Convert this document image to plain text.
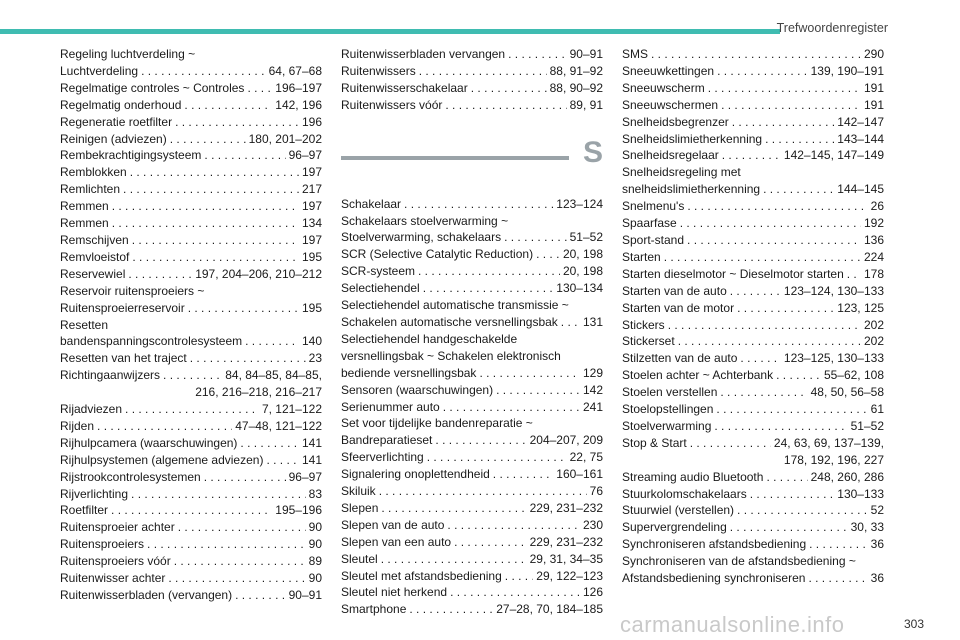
Trefwoordenregister
Regeling luchtverdeling ~
Luchtverdeling . . .	64, 67–68
Regelmatige controles ~ Controles . . .	196–197
Regelmatig onderhoud . . .	142, 196
Regeneratie roetfilter . . .	196
Reinigen (adviezen) . . .	180, 201–202
Rembekrachtigingsysteem . . .	96–97
Remblokken . . .	197
Remlichten . . .	217
Remmen . . .	197
Remmen . . .	134
Remschijven . . .	197
Remvloeistof . . .	195
Reservewiel . . .	197, 204–206, 210–212
Reservoir ruitensproeiers ~
Ruitensproeierreservoir . . .	195
Resetten
bandenspanningscontrolesysteem . . .	140
Resetten van het traject . . .	23
Richtingaanwijzers . . .	84, 84–85, 84–85,
216, 216–218, 216–217
Rijadviezen . . .	7, 121–122
Rijden . . .	47–48, 121–122
Rijhulpcamera (waarschuwingen) . . .	141
Rijhulpsystemen (algemene adviezen) . . .	141
Rijstrookcontrolesystemen . . .	96–97
Rijverlichting . . .	83
Roetfilter . . .	195–196
Ruitensproeier achter . . .	90
Ruitensproeiers . . .	90
Ruitensproeiers vóór . . .	89
Ruitenwisser achter . . .	90
Ruitenwisserbladen (vervangen) . . .	90–91
Ruitenwisserbladen vervangen . . .	90–91
Ruitenwissers . . .	88, 91–92
Ruitenwisserschakelaar . . .	88, 90–92
Ruitenwissers vóór . . .	89, 91
S
Schakelaar . . .	123–124
Schakelaars stoelverwarming ~
Stoelverwarming, schakelaars . . .	51–52
SCR (Selective Catalytic Reduction) . . . 20, 198
SCR-systeem . . .	20, 198
Selectiehendel . . .	130–134
Selectiehendel automatische transmissie ~
Schakelen automatische versnellingsbak . . . 131
Selectiehendel handgeschakelde
versnellingsbak ~ Schakelen elektronisch
bediende versnellingsbak . . .	129
Sensoren (waarschuwingen) . . .	142
Serienummer auto . . .	241
Set voor tijdelijke bandenreparatie ~
Bandreparatieset . . .	204–207, 209
Sfeerverlichting . . .	22, 75
Signalering onoplettendheid . . .	160–161
Skiluik . . .	76
Slepen . . .	229, 231–232
Slepen van de auto . . .	230
Slepen van een auto . . .	229, 231–232
Sleutel . . .	29, 31, 34–35
Sleutel met afstandsbediening . . .	29, 122–123
Sleutel niet herkend . . .	126
Smartphone . . .	27–28, 70, 184–185
SMS . . .	290
Sneeuwkettingen . . .	139, 190–191
Sneeuwscherm . . .	191
Sneeuwschermen . . .	191
Snelheidsbegrenzer . . .	142–147
Snelheidslimietherkenning . . .	143–144
Snelheidsregelaar . . .	142–145, 147–149
Snelheidsregeling met
snelheidslimietherkenning . . .	144–145
Snelmenu's . . .	26
Spaarfase . . .	192
Sport-stand . . .	136
Starten . . .	224
Starten dieselmotor ~ Dieselmotor starten . . . 178
Starten van de auto . . .	123–124, 130–133
Starten van de motor . . .	123, 125
Stickers . . .	202
Stickerset . . .	202
Stilzetten van de auto . . .	123–125, 130–133
Stoelen achter ~ Achterbank . . .	55–62, 108
Stoelen verstellen . . .	48, 50, 56–58
Stoelopstellingen . . .	61
Stoelverwarming . . .	51–52
Stop & Start . . .	24, 63, 69, 137–139,
178, 192, 196, 227
Streaming audio Bluetooth . . .	248, 260, 286
Stuurkolomschakelaars . . .	130–133
Stuurwiel (verstellen) . . .	52
Supervergrendeling . . .	30, 33
Synchroniseren afstandsbediening . . .	36
Synchroniseren van de afstandsbediening ~
Afstandsbediening synchroniseren . . .	36
carmanualsonline.info	303
